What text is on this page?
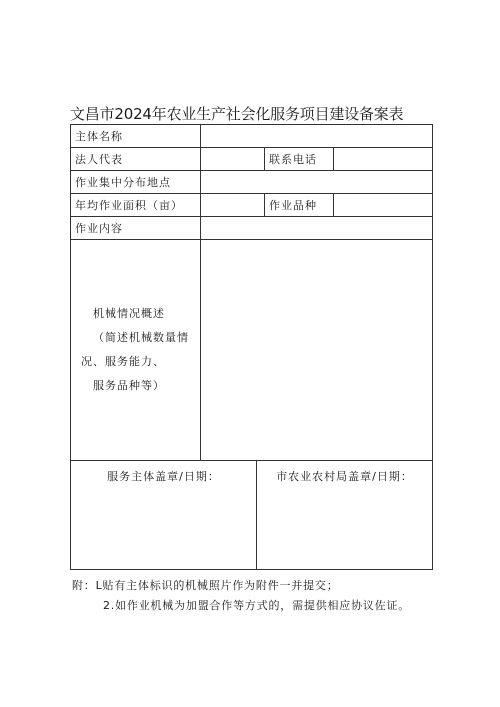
文昌市2024年农业生产社会化服务项目建设备案表
主体名称				
法人代表			联系电话	
作业集中分布地点				
年均作业面积（亩）			作业品种	
作业内容				

机械情况概述
（简述机械数量情
况、服务能力、
服务品种等）				

服务主体盖章/日期：		市农业农村局盖章/日期：		
附：L贴有主体标识的机械照片作为附件一并提交；
2.如作业机械为加盟合作等方式的，需提供相应协议佐证。
